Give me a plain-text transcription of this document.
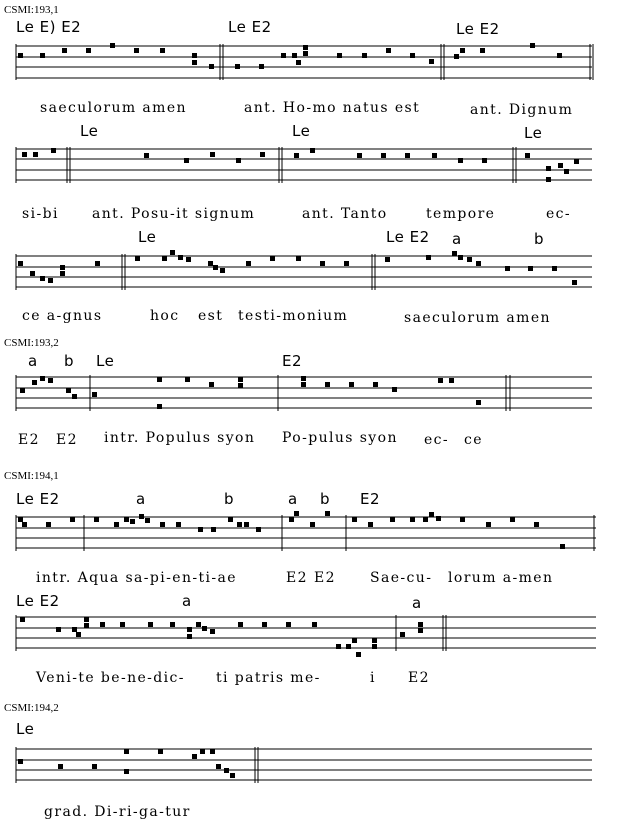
CSMI:193,1
Le E) E2	Le E2	Le E2
saeculorum amen	ant. Ho-mo natus est	ant. Dignum
Le	Le	Le
si-bi ant. Posu-it signum	ant. Tanto	tempore	ec-
Le	Le E2 a	b
ce a-gnus	hoc est testi-monium	saeculorum amen
CSMI:193,2
a b Le	E2
E2 E2 intr. Populus syon Po-pulus syon ec- ce
CSMI:194,1
Le E2	a	b	a b E2
intr. Aqua sa-pi-en-ti-ae	E2 E2 Sae-cu- lorum a-men
Le E2	a	a
Veni-te be-ne-dic- ti patris me-	i E2
CSMI:194,2
Le
grad. Di-ri-ga-tur
